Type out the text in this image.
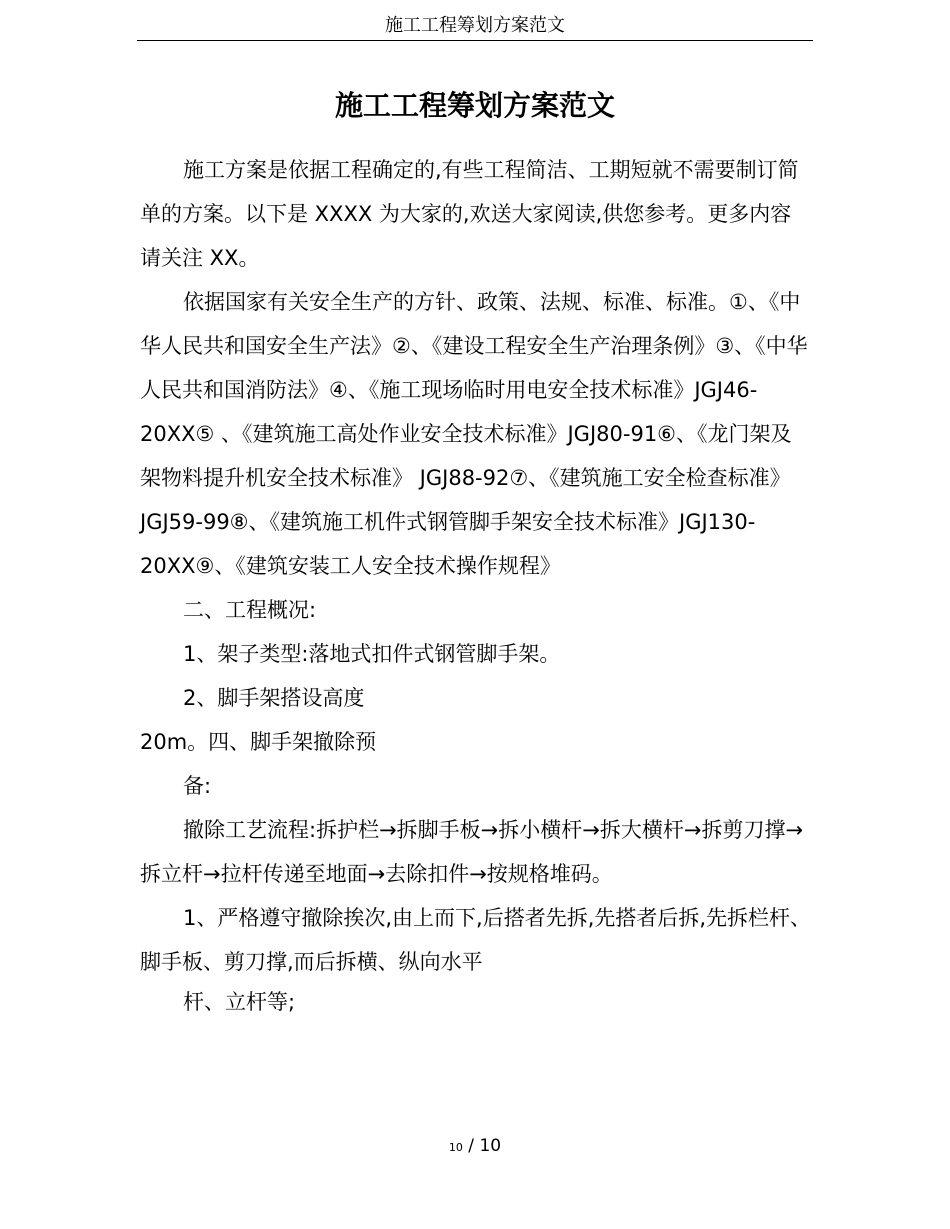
施工工程筹划方案范文
施工工程筹划方案范文

施工方案是依据工程确定的,有些工程简洁、工期短就不需要制订简单的方案。以下是 XXXX 为大家的,欢送大家阅读,供您参考。更多内容请关注 XX。

依据国家有关安全生产的方针、政策、法规、标准、标准。①、《中华人民共和国安全生产法》②、《建设工程安全生产治理条例》③、《中华人民共和国消防法》④、《施工现场临时用电安全技术标准》JGJ46-20XX⑤ 、《建筑施工高处作业安全技术标准》JGJ80-91⑥、《龙门架及架物料提升机安全技术标准》 JGJ88-92⑦、《建筑施工安全检查标准》 JGJ59-99⑧、《建筑施工机件式钢管脚手架安全技术标准》JGJ130-20XX⑨、《建筑安装工人安全技术操作规程》

二、工程概况:

1、架子类型:落地式扣件式钢管脚手架。

2、脚手架搭设高度

20m。四、脚手架撤除预

备:

撤除工艺流程:拆护栏→拆脚手板→拆小横杆→拆大横杆→拆剪刀撑→拆立杆→拉杆传递至地面→去除扣件→按规格堆码。

1、严格遵守撤除挨次,由上而下,后搭者先拆,先搭者后拆,先拆栏杆、脚手板、剪刀撑,而后拆横、纵向水平

杆、立杆等;

10 / 10
